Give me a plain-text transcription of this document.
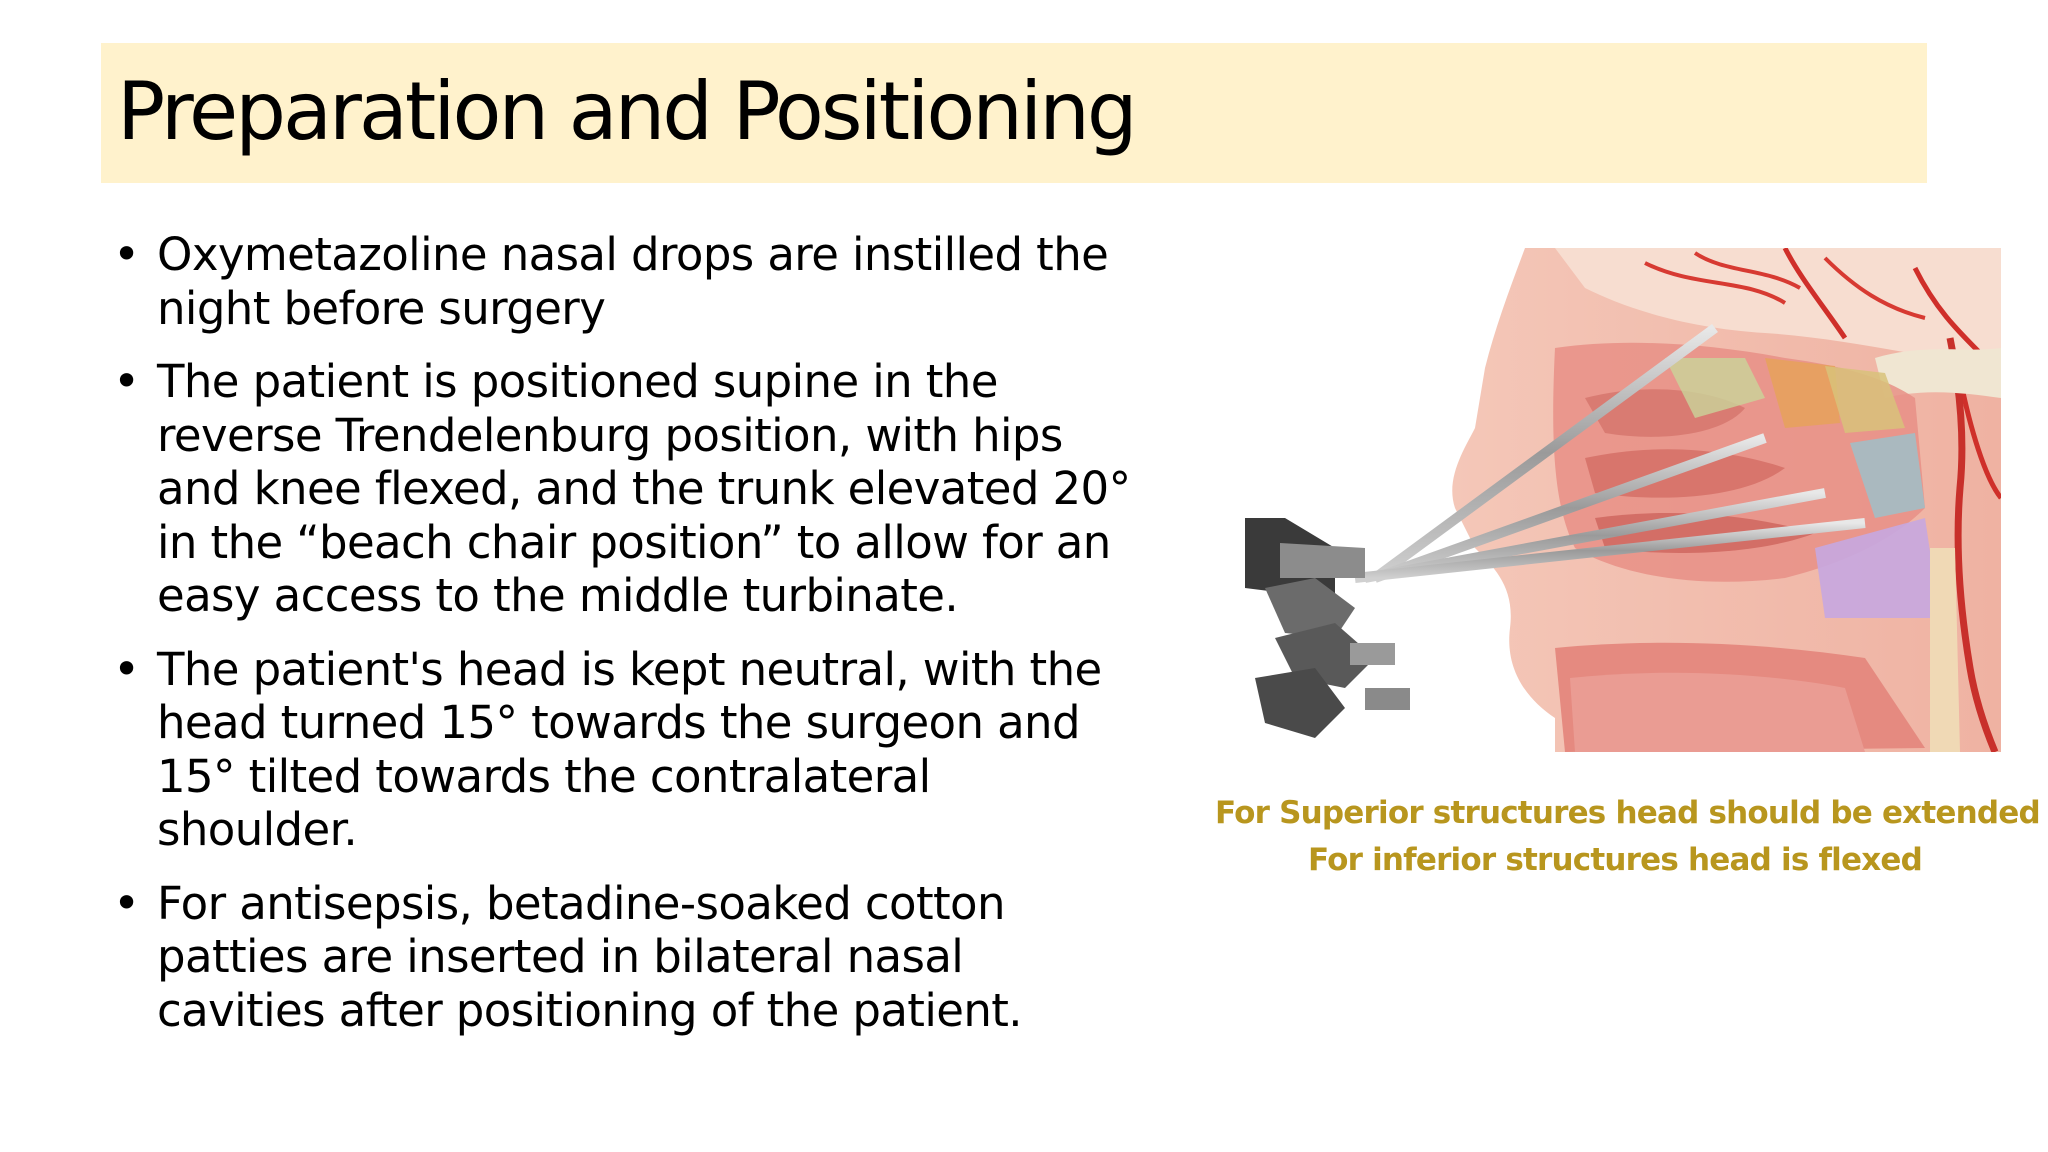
Preparation and Positioning
• Oxymetazoline nasal drops are instilled the
night before surgery
• The patient is positioned supine in the
reverse Trendelenburg position, with hips
and knee flexed, and the trunk elevated 20°
in the “beach chair position” to allow for an
easy access to the middle turbinate.
• The patient's head is kept neutral, with the
head turned 15° towards the surgeon and
15° tilted towards the contralateral
shoulder.
• For antisepsis, betadine-soaked cotton
patties are inserted in bilateral nasal
cavities after positioning of the patient.
For Superior structures head should be extended
For inferior structures head is flexed
